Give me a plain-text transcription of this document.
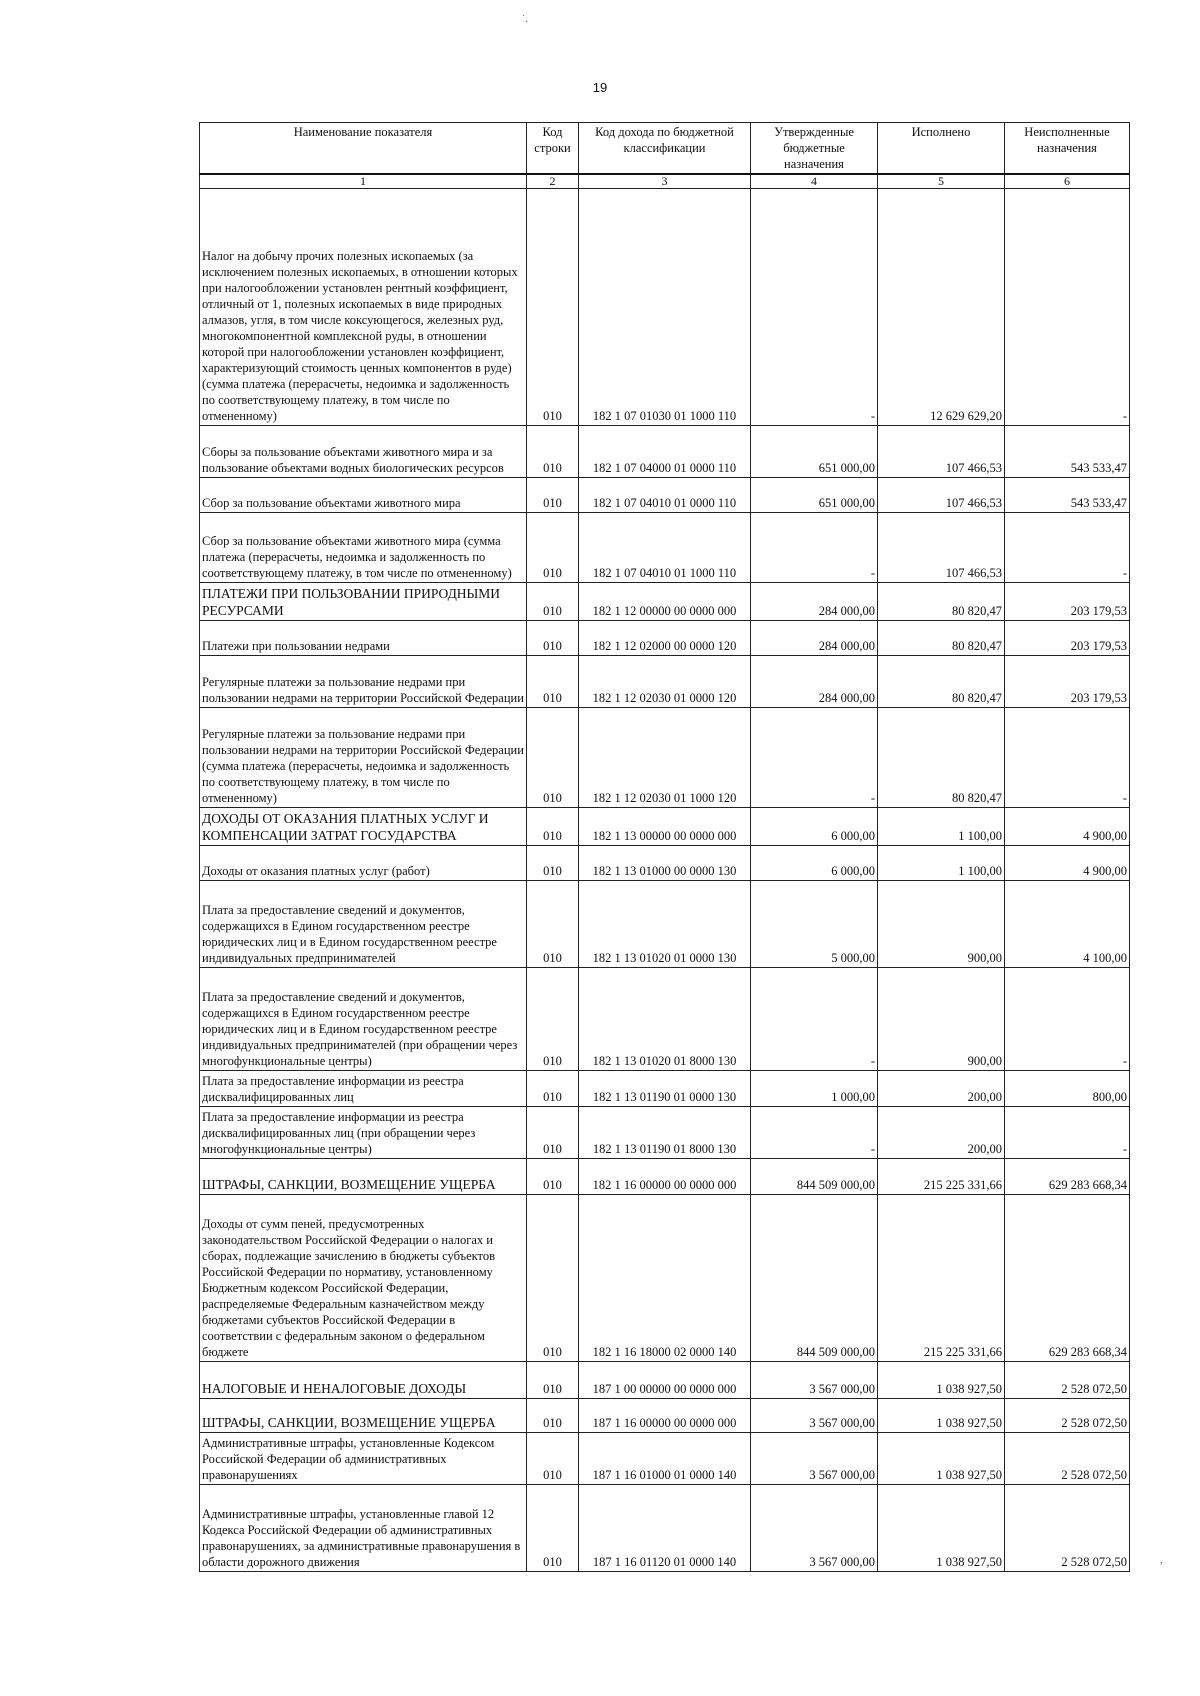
˙.
19
Наименование показателя	Код строки	Код дохода по бюджетной классификации	Утвержденные бюджетные назначения	Исполнено	Неисполненные назначения
1	2	3	4	5	6
Налог на добычу прочих полезных ископаемых (за исключением полезных ископаемых, в отношении которых при налогообложении установлен рентный коэффициент, отличный от 1, полезных ископаемых в виде природных алмазов, угля, в том числе коксующегося, железных руд, многокомпонентной комплексной руды, в отношении которой при налогообложении установлен коэффициент, характеризующий стоимость ценных компонентов в руде) (сумма платежа (перерасчеты, недоимка и задолженность по соответствующему платежу, в том числе по отмененному)	010	182 1 07 01030 01 1000 110	-	12 629 629,20	-
Сборы за пользование объектами животного мира и за пользование объектами водных биологических ресурсов	010	182 1 07 04000 01 0000 110	651 000,00	107 466,53	543 533,47
Сбор за пользование объектами животного мира	010	182 1 07 04010 01 0000 110	651 000,00	107 466,53	543 533,47
Сбор за пользование объектами животного мира (сумма платежа (перерасчеты, недоимка и задолженность по соответствующему платежу, в том числе по отмененному)	010	182 1 07 04010 01 1000 110	-	107 466,53	-
ПЛАТЕЖИ ПРИ ПОЛЬЗОВАНИИ ПРИРОДНЫМИ РЕСУРСАМИ	010	182 1 12 00000 00 0000 000	284 000,00	80 820,47	203 179,53
Платежи при пользовании недрами	010	182 1 12 02000 00 0000 120	284 000,00	80 820,47	203 179,53
Регулярные платежи за пользование недрами при пользовании недрами на территории Российской Федерации	010	182 1 12 02030 01 0000 120	284 000,00	80 820,47	203 179,53
Регулярные платежи за пользование недрами при пользовании недрами на территории Российской Федерации (сумма платежа (перерасчеты, недоимка и задолженность по соответствующему платежу, в том числе по отмененному)	010	182 1 12 02030 01 1000 120	-	80 820,47	-
ДОХОДЫ ОТ ОКАЗАНИЯ ПЛАТНЫХ УСЛУГ И КОМПЕНСАЦИИ ЗАТРАТ ГОСУДАРСТВА	010	182 1 13 00000 00 0000 000	6 000,00	1 100,00	4 900,00
Доходы от оказания платных услуг (работ)	010	182 1 13 01000 00 0000 130	6 000,00	1 100,00	4 900,00
Плата за предоставление сведений и документов, содержащихся в Едином государственном реестре юридических лиц и в Едином государственном реестре индивидуальных предпринимателей	010	182 1 13 01020 01 0000 130	5 000,00	900,00	4 100,00
Плата за предоставление сведений и документов, содержащихся в Едином государственном реестре юридических лиц и в Едином государственном реестре индивидуальных предпринимателей (при обращении через многофункциональные центры)	010	182 1 13 01020 01 8000 130	-	900,00	-
Плата за предоставление информации из реестра дисквалифицированных лиц	010	182 1 13 01190 01 0000 130	1 000,00	200,00	800,00
Плата за предоставление информации из реестра дисквалифицированных лиц (при обращении через многофункциональные центры)	010	182 1 13 01190 01 8000 130	-	200,00	-
ШТРАФЫ, САНКЦИИ, ВОЗМЕЩЕНИЕ УЩЕРБА	010	182 1 16 00000 00 0000 000	844 509 000,00	215 225 331,66	629 283 668,34
Доходы от сумм пеней, предусмотренных законодательством Российской Федерации о налогах и сборах, подлежащие зачислению в бюджеты субъектов Российской Федерации по нормативу, установленному Бюджетным кодексом Российской Федерации, распределяемые Федеральным казначейством между бюджетами субъектов Российской Федерации в соответствии с федеральным законом о федеральном бюджете	010	182 1 16 18000 02 0000 140	844 509 000,00	215 225 331,66	629 283 668,34
НАЛОГОВЫЕ И НЕНАЛОГОВЫЕ ДОХОДЫ	010	187 1 00 00000 00 0000 000	3 567 000,00	1 038 927,50	2 528 072,50
ШТРАФЫ, САНКЦИИ, ВОЗМЕЩЕНИЕ УЩЕРБА	010	187 1 16 00000 00 0000 000	3 567 000,00	1 038 927,50	2 528 072,50
Административные штрафы, установленные Кодексом Российской Федерации об административных правонарушениях	010	187 1 16 01000 01 0000 140	3 567 000,00	1 038 927,50	2 528 072,50
Административные штрафы, установленные главой 12 Кодекса Российской Федерации об административных правонарушениях, за административные правонарушения в области дорожного движения	010	187 1 16 01120 01 0000 140	3 567 000,00	1 038 927,50	2 528 072,50	,
